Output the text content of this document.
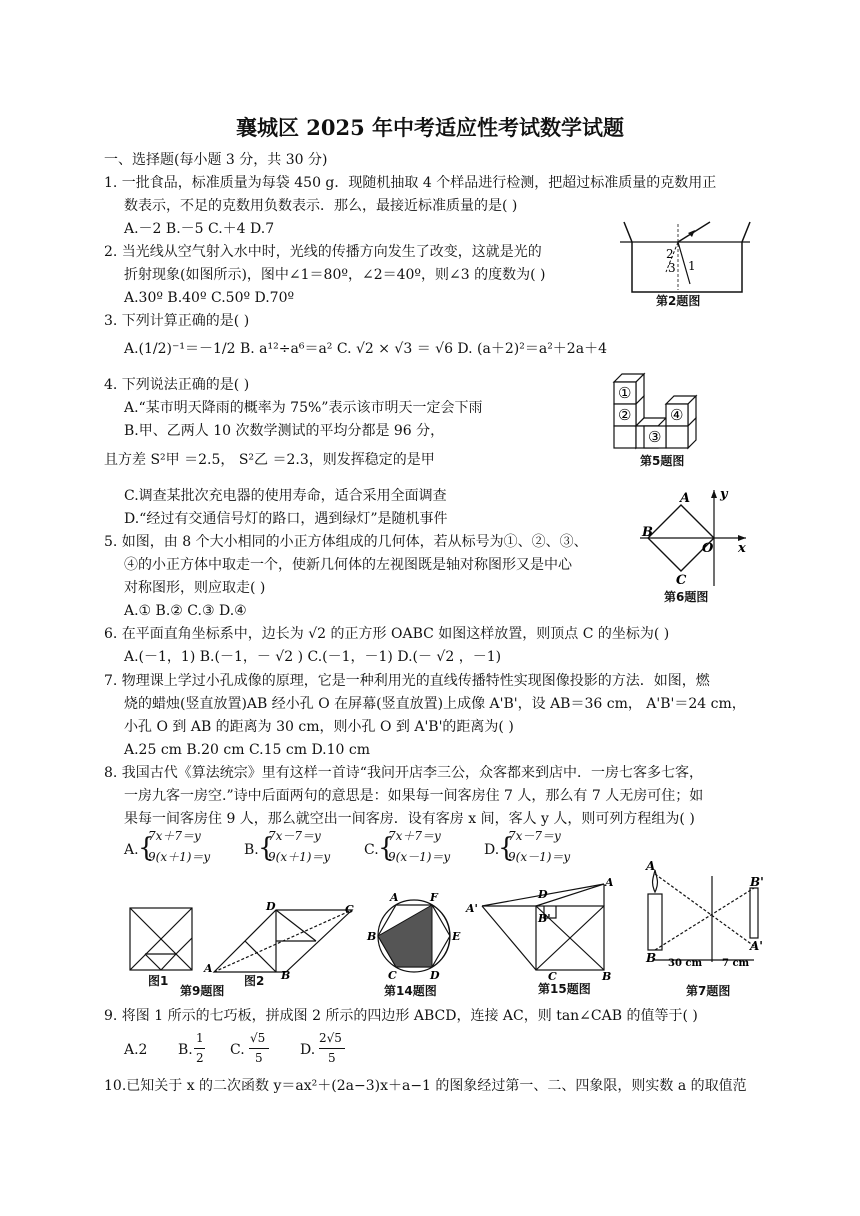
襄城区 2025 年中考适应性考试数学试题
一、选择题(每小题 3 分，共 30 分)
1. 一批食品，标准质量为每袋 450 g．现随机抽取 4 个样品进行检测，把超过标准质量的克数用正
数表示，不足的克数用负数表示．那么，最接近标准质量的是( )
A.－2 B.－5 C.＋4 D.7
2. 当光线从空气射入水中时，光线的传播方向发生了改变，这就是光的
折射现象(如图所示)，图中∠1＝80º，∠2＝40º，则∠3 的度数为( )
A.30º B.40º C.50º D.70º
3. 下列计算正确的是( )
A.(1/2)⁻¹＝－1/2 B. a¹²÷a⁶＝a² C. √2 × √3 ＝ √6 D. (a＋2)²＝a²＋2a＋4
4. 下列说法正确的是( )
A.“某市明天降雨的概率为 75%”表示该市明天一定会下雨
B.甲、乙两人 10 次数学测试的平均分都是 96 分，
且方差 S²甲 ＝2.5， S²乙 ＝2.3，则发挥稳定的是甲
C.调查某批次充电器的使用寿命，适合采用全面调查
D.“经过有交通信号灯的路口，遇到绿灯”是随机事件
5. 如图，由 8 个大小相同的小正方体组成的几何体，若从标号为①、②、③、
④的小正方体中取走一个，使新几何体的左视图既是轴对称图形又是中心
对称图形，则应取走( )
A.① B.② C.③ D.④
6. 在平面直角坐标系中，边长为 √2 的正方形 OABC 如图这样放置，则顶点 C 的坐标为( )
A.(－1，1) B.(－1，－ √2 ) C.(－1，－1) D.(－ √2 ，－1)
7. 物理课上学过小孔成像的原理，它是一种利用光的直线传播特性实现图像投影的方法．如图，燃
烧的蜡烛(竖直放置)AB 经小孔 O 在屏幕(竖直放置)上成像 A'B'，设 AB＝36 cm， A'B'＝24 cm，
小孔 O 到 AB 的距离为 30 cm，则小孔 O 到 A'B'的距离为( )
A.25 cm B.20 cm C.15 cm D.10 cm
8. 我国古代《算法统宗》里有这样一首诗“我问开店李三公，众客都来到店中．一房七客多七客，
一房九客一房空.”诗中后面两句的意思是：如果每一间客房住 7 人，那么有 7 人无房可住；如
果每一间客房住 9 人，那么就空出一间客房．设有客房 x 间，客人 y 人，则可列方程组为( )
A. {
7x＋7＝y
9(x＋1)＝y B. {
7x－7＝y
9(x＋1)＝y C. {
7x＋7＝y
9(x－1)＝y D.
{
7x－7＝y
9(x－1)＝y
9. 将图 1 所示的七巧板，拼成图 2 所示的四边形 ABCD，连接 AC，则 tan∠CAB 的值等于( )
A.2 B.
1
2 C.
√5
5	D.
2√5
5
10.已知关于 x 的二次函数 y＝ax²＋(2a−3)x＋a−1 的图象经过第一、二、四象限，则实数 a 的取值范
2
3 1
第2题图
①
②
③
④
第5题图
A
B
O
C
x
y
第6题图
D	C
A
B
图1	图2
第9题图
A	F
B	E
C	D
第14题图
A'
D
A
B'
C	B
第15题图
A
B
B'
A'
30 cm 7 cm
第7题图
